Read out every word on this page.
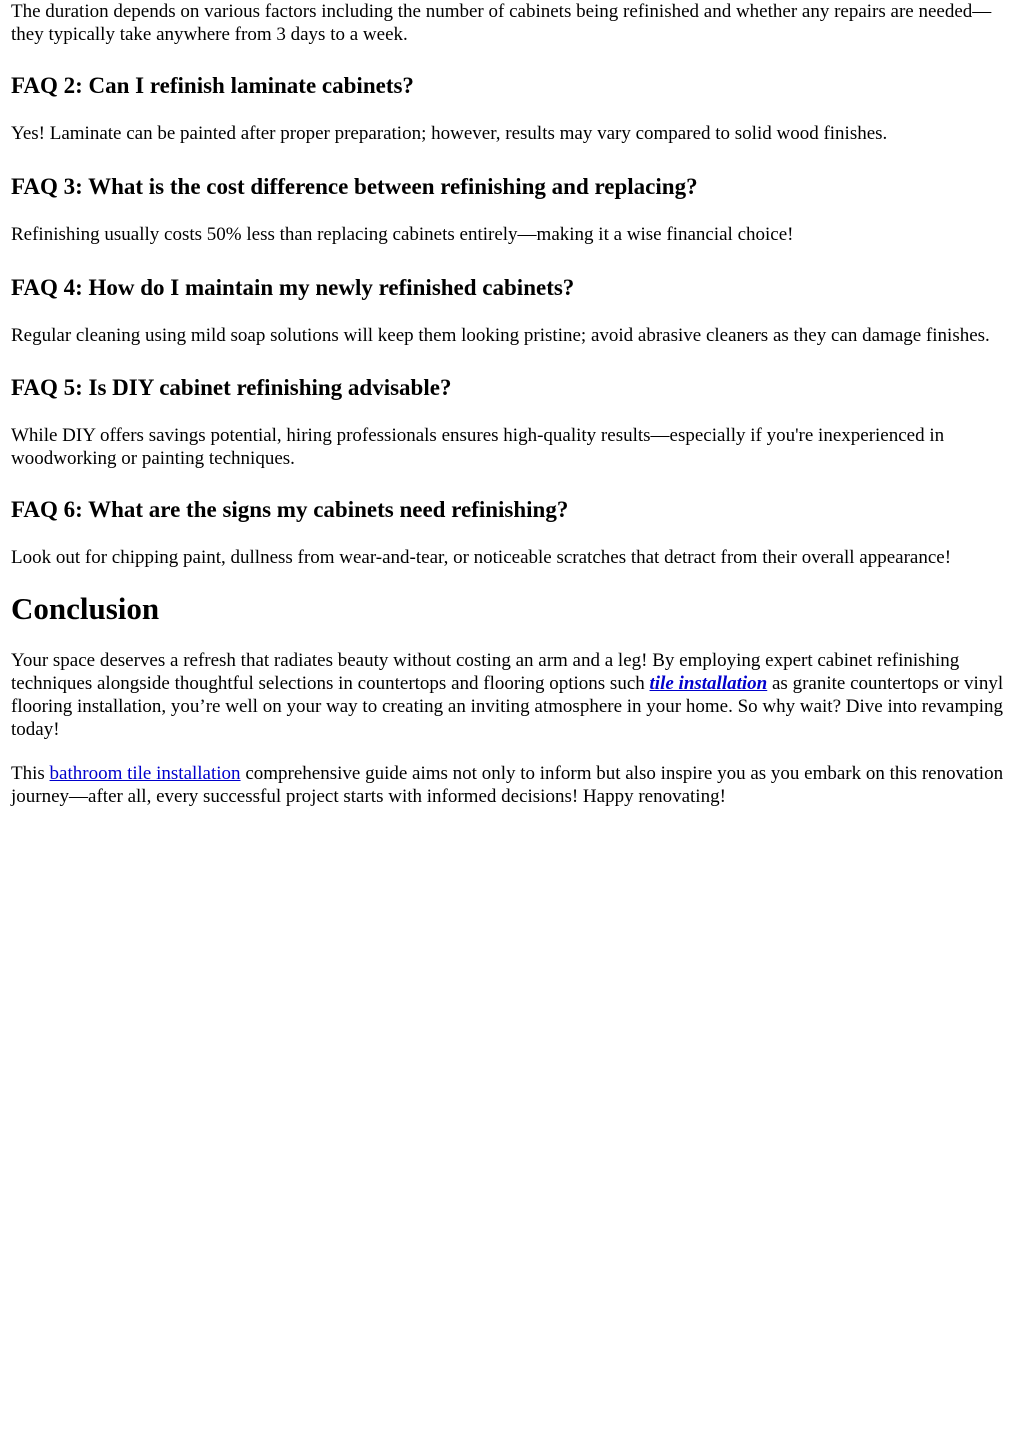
The duration depends on various factors including the number of cabinets being refinished and whether any repairs are needed—they typically take anywhere from 3 days to a week.

FAQ 2: Can I refinish laminate cabinets?

Yes! Laminate can be painted after proper preparation; however, results may vary compared to solid wood finishes.

FAQ 3: What is the cost difference between refinishing and replacing?

Refinishing usually costs 50% less than replacing cabinets entirely—making it a wise financial choice!

FAQ 4: How do I maintain my newly refinished cabinets?

Regular cleaning using mild soap solutions will keep them looking pristine; avoid abrasive cleaners as they can damage finishes.

FAQ 5: Is DIY cabinet refinishing advisable?

While DIY offers savings potential, hiring professionals ensures high-quality results—especially if you're inexperienced in woodworking or painting techniques.

FAQ 6: What are the signs my cabinets need refinishing?

Look out for chipping paint, dullness from wear-and-tear, or noticeable scratches that detract from their overall appearance!

Conclusion

Your space deserves a refresh that radiates beauty without costing an arm and a leg! By employing expert cabinet refinishing techniques alongside thoughtful selections in countertops and flooring options such tile installation as granite countertops or vinyl flooring installation, you’re well on your way to creating an inviting atmosphere in your home. So why wait? Dive into revamping today!

This bathroom tile installation comprehensive guide aims not only to inform but also inspire you as you embark on this renovation journey—after all, every successful project starts with informed decisions! Happy renovating!
